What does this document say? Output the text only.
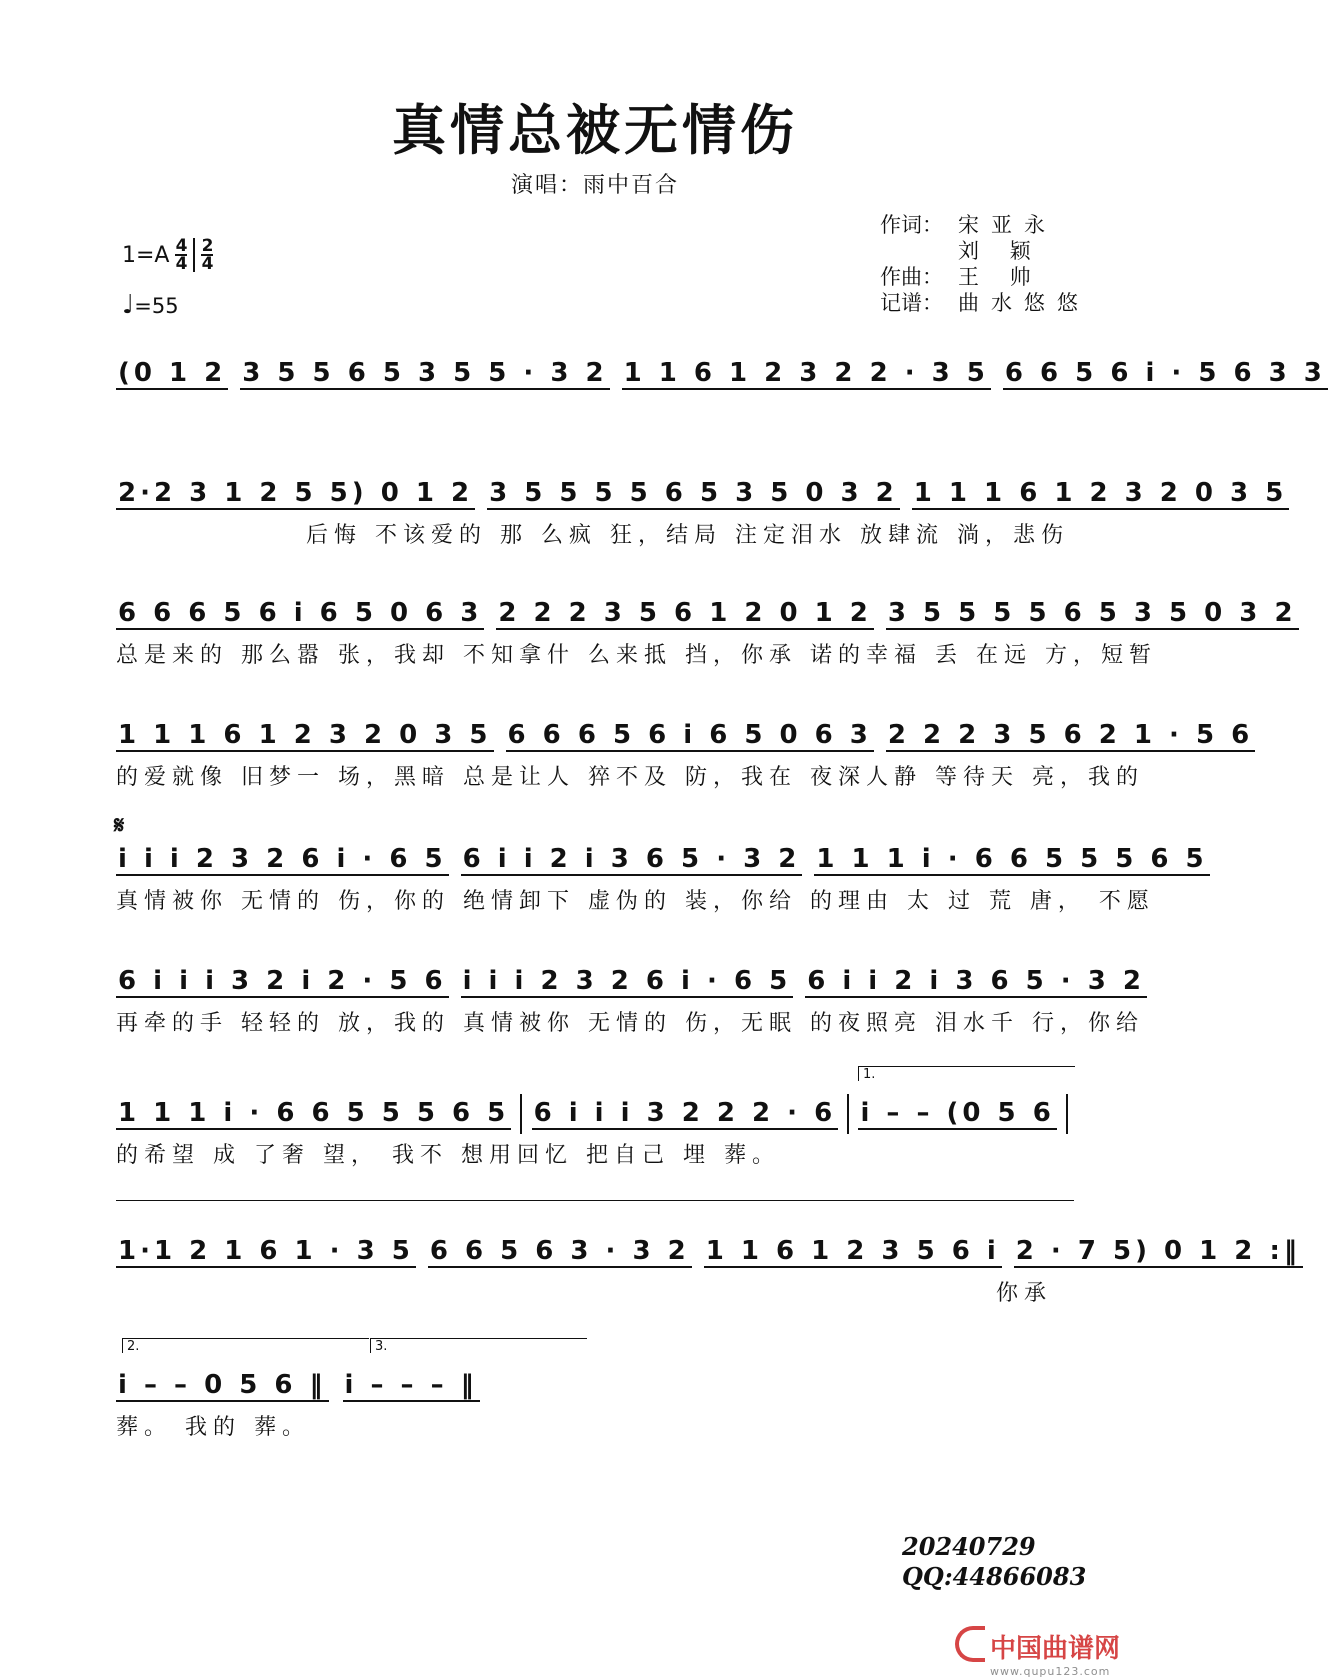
真情总被无情伤
演唱：雨中百合
作词： 宋亚永
刘 颖
作曲： 王 帅
记谱： 曲水悠悠
$1=A \frac{4}{4} \frac{2}{4}$
♩=55
𝄋
(0 1 2 3 5 5 6 5 3 5 5 · 3 2 1 1 6 1 2 3 2 2 · 3 5 6 6 5 6 i · 5 6 3 3
2·2 3 1 2 5 5) 0 1 2 3 5 5 5 5 6 5 3 5 0 3 2 1 1 1 6 1 2 3 2 0 3 5
后悔 不该爱的 那 么疯 狂，结局 注定泪水 放肆流 淌，悲伤
6 6 6 5 6 i 6 5 0 6 3 2 2 2 3 5 6 1 2 0 1 2 3 5 5 5 5 6 5 3 5 0 3 2
总是来的 那么嚣 张，我却 不知拿什 么来抵 挡，你承 诺的幸福 丢 在远 方，短暂
1 1 1 6 1 2 3 2 0 3 5 6 6 6 5 6 i 6 5 0 6 3 2 2 2 3 5 6 2 1 · 5 6
的爱就像 旧梦一 场，黑暗 总是让人 猝不及 防，我在 夜深人静 等待天 亮，我的
i i i 2 3 2 6 i · 6 5 6 i i 2 i 3 6 5 · 3 2 1 1 1 i · 6 6 5 5 5 6 5
真情被你 无情的 伤，你的 绝情卸下 虚伪的 装，你给 的理由 太 过 荒 唐， 不愿
6 i i i 3 2 i 2 · 5 6 i i i 2 3 2 6 i · 6 5 6 i i 2 i 3 6 5 · 3 2
再牵的手 轻轻的 放，我的 真情被你 无情的 伤，无眠 的夜照亮 泪水千 行，你给
1.
1 1 1 i · 6 6 5 5 5 6 5 6 i i i 3 2 2 2 · 6 i – – (0 5 6
的希望 成 了奢 望， 我不 想用回忆 把自己 埋 葬。
1·1 2 1 6 1 · 3 5 6 6 5 6 3 · 3 2 1 1 6 1 2 3 5 6 i 2 · 7 5) 0 1 2 :‖
你承
2.	3.
i – – 0 5 6 ‖ i – – – ‖
葬。 我的 葬。
20240729
QQ:44866083
中国曲谱网
www.qupu123.com
